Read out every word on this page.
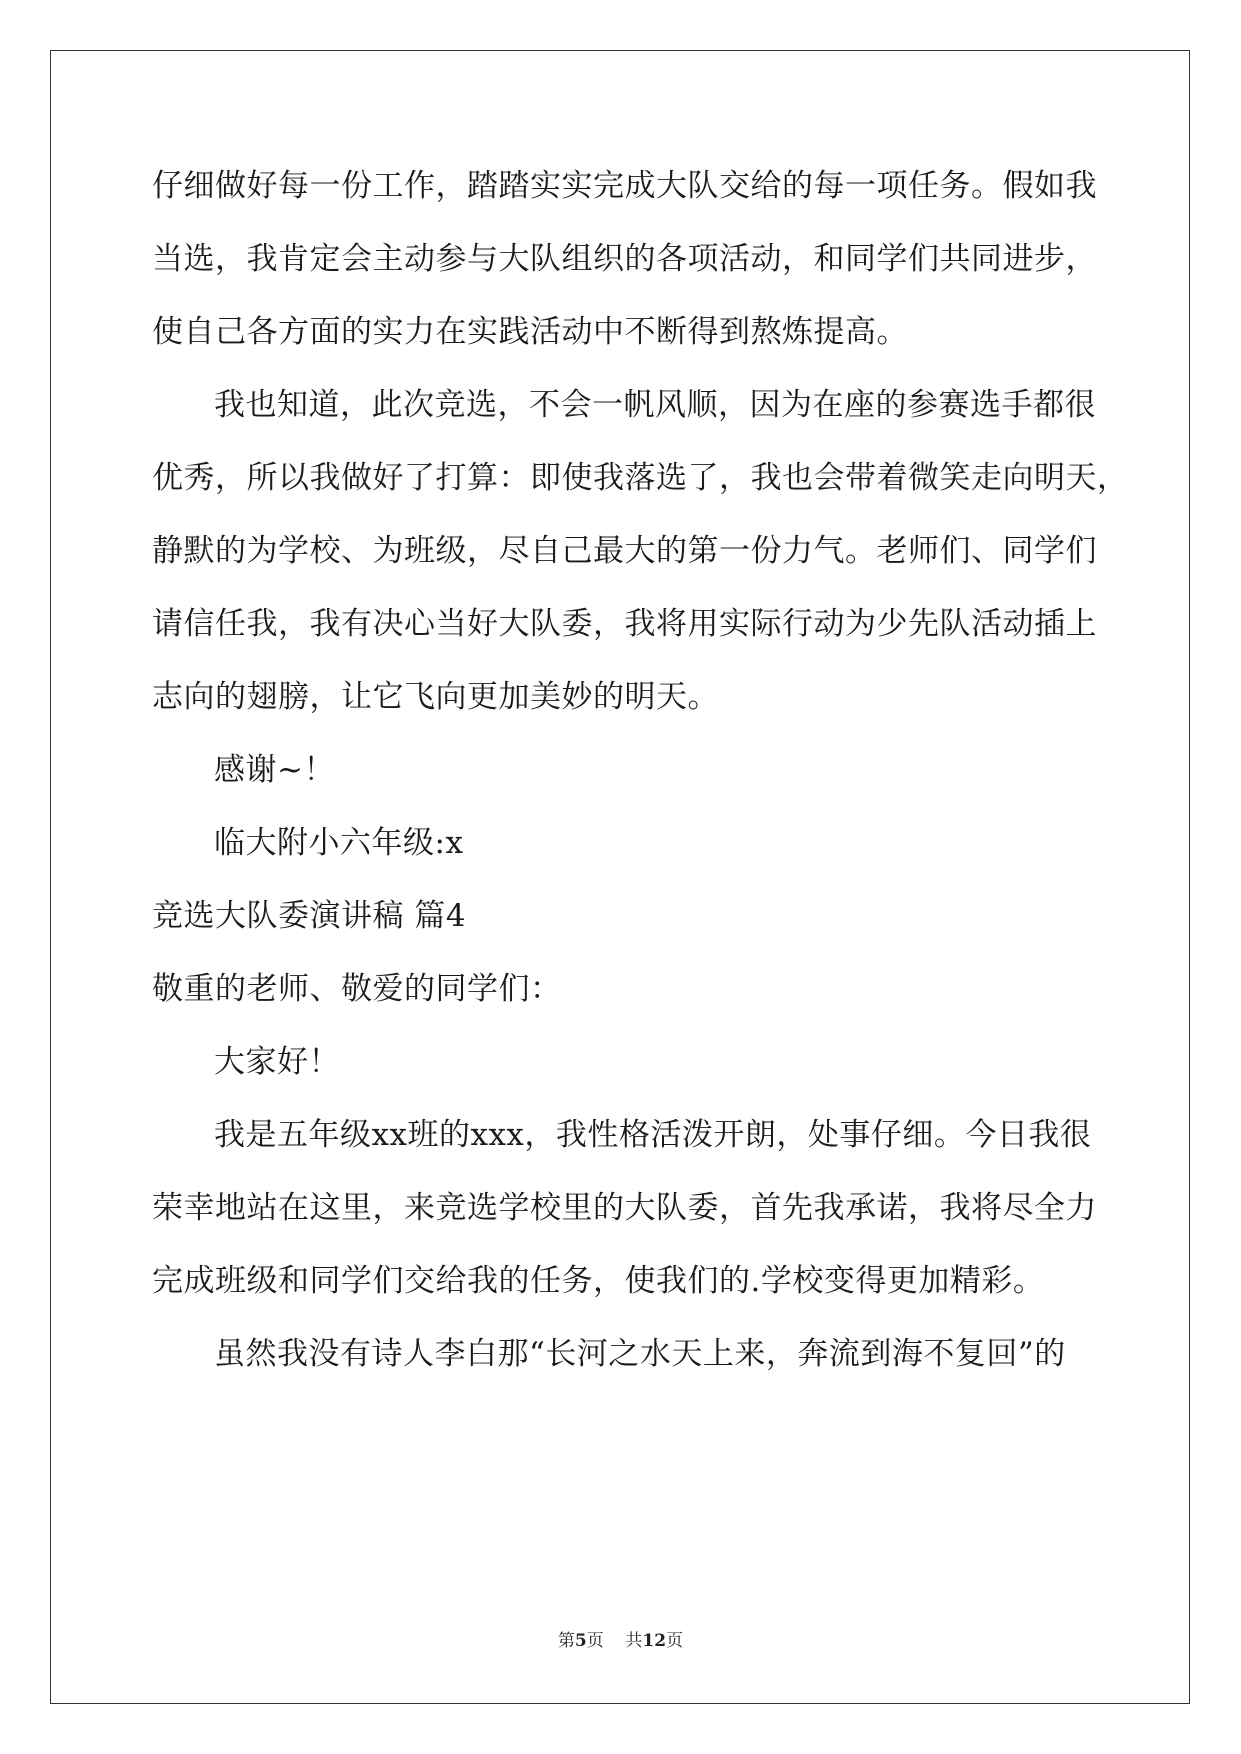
仔细做好每一份工作，踏踏实实完成大队交给的每一项任务。假如我
当选，我肯定会主动参与大队组织的各项活动，和同学们共同进步，
使自己各方面的实力在实践活动中不断得到熬炼提高。
我也知道，此次竞选，不会一帆风顺，因为在座的参赛选手都很
优秀，所以我做好了打算：即使我落选了，我也会带着微笑走向明天，
静默的为学校、为班级，尽自己最大的第一份力气。老师们、同学们
请信任我，我有决心当好大队委，我将用实际行动为少先队活动插上
志向的翅膀，让它飞向更加美妙的明天。
感谢~！
临大附小六年级:x
竞选大队委演讲稿 篇4
敬重的老师、敬爱的同学们：
大家好！
我是五年级xx班的xxx，我性格活泼开朗，处事仔细。今日我很
荣幸地站在这里，来竞选学校里的大队委，首先我承诺，我将尽全力
完成班级和同学们交给我的任务，使我们的.学校变得更加精彩。
虽然我没有诗人李白那“长河之水天上来，奔流到海不复回”的
第5页 共12页
